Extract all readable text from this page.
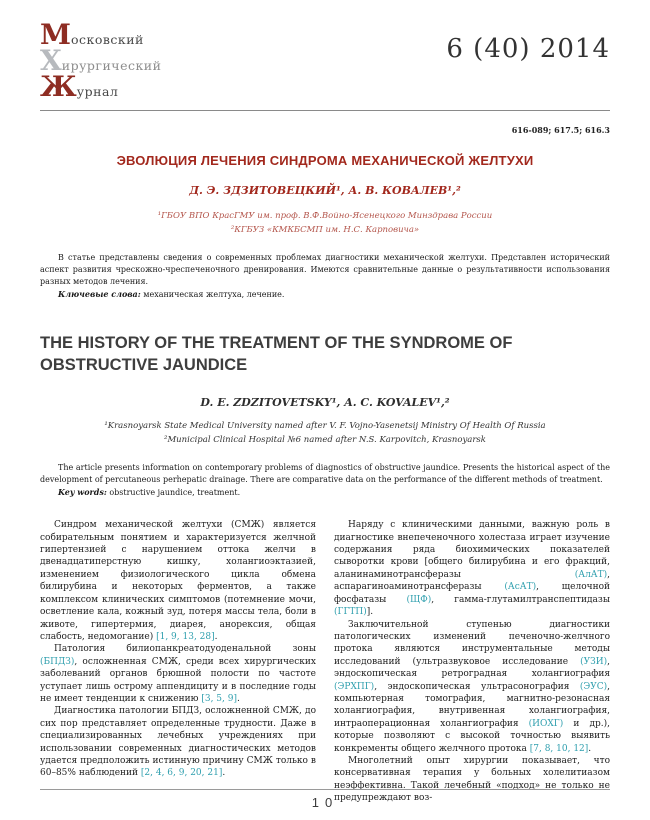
Московский
Хирургический
Журнал
6 (40) 2014
616-089; 617.5; 616.3
ЭВОЛЮЦИЯ ЛЕЧЕНИЯ СИНДРОМА МЕХАНИЧЕСКОЙ ЖЕЛТУХИ
Д. Э. ЗДЗИТОВЕЦКИЙ¹, А. В. КОВАЛЕВ¹,²
¹ГБОУ ВПО КрасГМУ им. проф. В.Ф.Войно-Ясенецкого Минздрава России
²КГБУЗ «КМКБСМП им. Н.С. Карповича»

В статье представлены сведения о современных проблемах диагностики механической желтухи. Представлен исторический аспект развития чрескожно-чреспеченочного дренирования. Имеются сравнительные данные о результативности использования разных методов лечения.

Ключевые слова: механическая желтуха, лечение.

THE HISTORY OF THE TREATMENT OF THE SYNDROME OF OBSTRUCTIVE JAUNDICE
D. E. ZDZITOVETSKY¹, A. C. KOVALEV¹,²
¹Krasnoyarsk State Medical University named after V. F. Vojno-Yasenetsij Ministry Of Health Of Russia
²Municipal Clinical Hospital №6 named after N.S. Karpovitch, Krasnoyarsk

The article presents information on contemporary problems of diagnostics of obstructive jaundice. Presents the historical aspect of the development of percutaneous perhepatic drainage. There are comparative data on the performance of the different methods of treatment.

Key words: obstructive jaundice, treatment.

Синдром механической желтухи (СМЖ) является собирательным понятием и характеризуется желчной гипертензией с нарушением оттока желчи в двенадцатиперстную кишку, холангиоэктазией, изменением физиологического цикла обмена билирубина и некоторых ферментов, а также комплексом клинических симптомов (потемнение мочи, осветление кала, кожный зуд, потеря массы тела, боли в животе, гипертермия, диарея, анорексия, общая слабость, недомогание) [1, 9, 13, 28].

Патология билиопанкреатодуоденальной зоны (БПДЗ), осложненная СМЖ, среди всех хирургических заболеваний органов брюшной полости по частоте уступает лишь острому аппендициту и в последние годы не имеет тенденции к снижению [3, 5, 9].

Диагностика патологии БПДЗ, осложненной СМЖ, до сих пор представляет определенные трудности. Даже в специализированных лечебных учреждениях при использовании современных диагностических методов удается предположить истинную причину СМЖ только в 60–85% наблюдений [2, 4, 6, 9, 20, 21].

Наряду с клиническими данными, важную роль в диагностике внепеченочного холестаза играет изучение содержания ряда биохимических показателей сыворотки крови [общего билирубина и его фракций, аланинаминотрансферазы (АлАТ), аспарагиноаминотрансферазы (АсАТ), щелочной фосфатазы (ЩФ), гамма-глутамилтранспептидазы (ГГТП)].

Заключительной ступенью диагностики патологических изменений печеночно-желчного протока являются инструментальные методы исследований (ультразвуковое исследование (УЗИ), эндоскопическая ретроградная холангиография (ЭРХПГ), эндоскопическая ультрасонография (ЭУС), компьютерная томография, магнитно-резонасная холангиография, внутривенная холангиография, интраоперационная холангиография (ИОХГ) и др.), которые позволяют с высокой точностью выявить конкременты общего желчного протока [7, 8, 10, 12].

Многолетний опыт хирургии показывает, что консервативная терапия у больных холелитиазом неэффективна. Такой лечебный «подход» не только не предупреждают воз-

10
